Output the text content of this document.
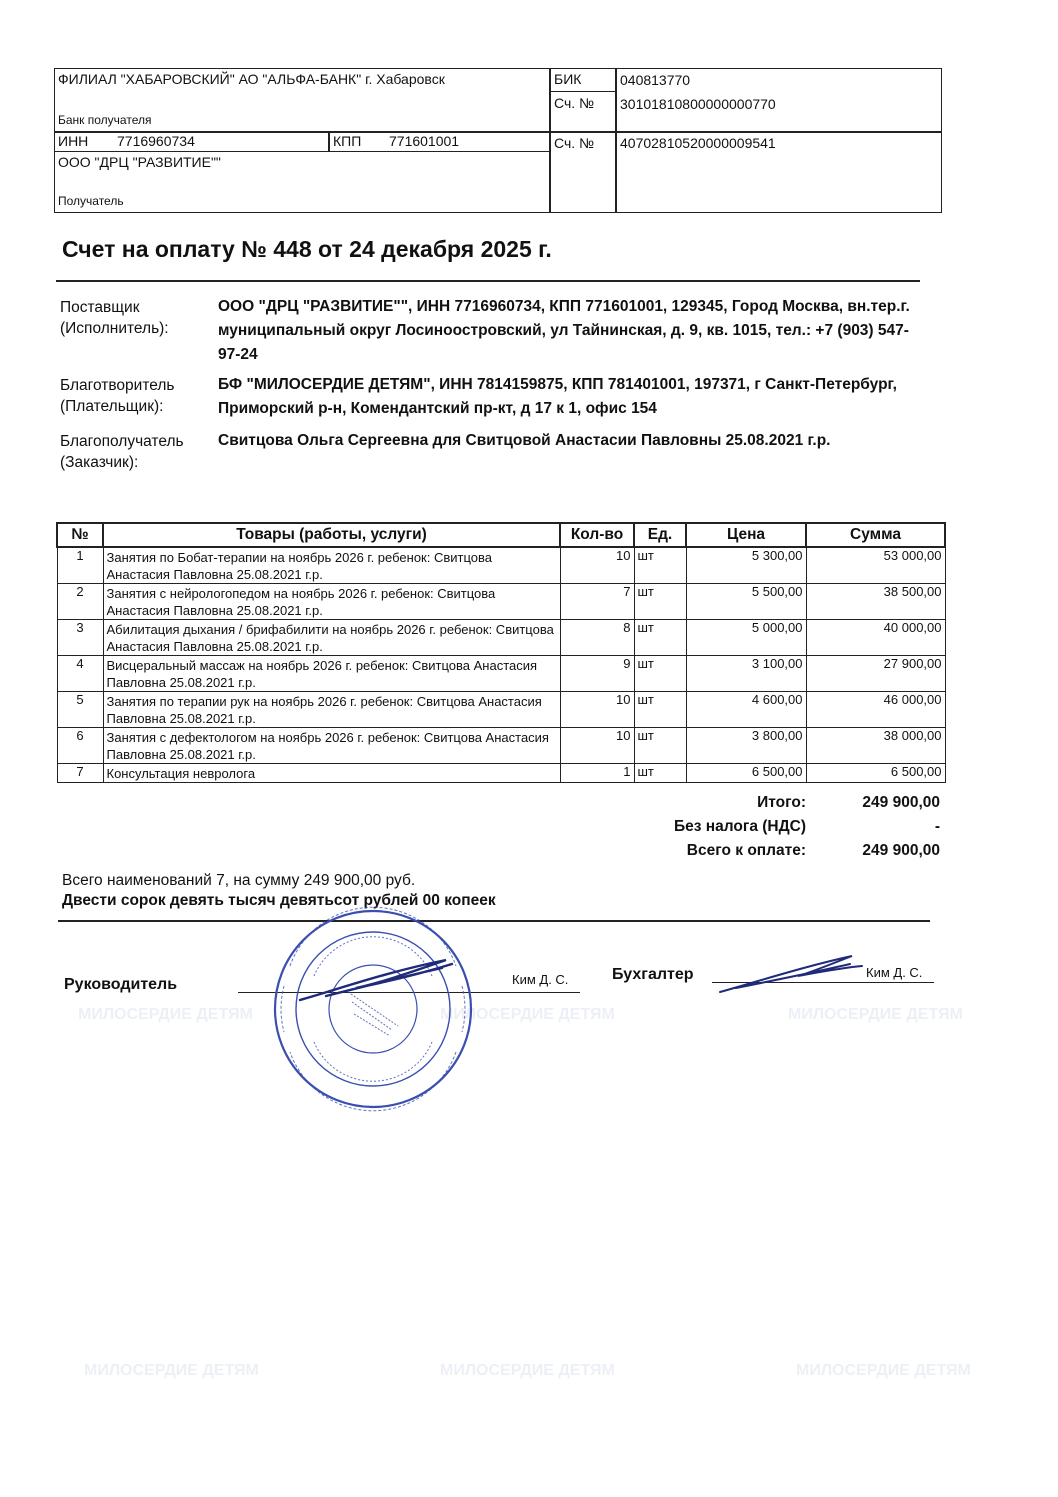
МИЛОСЕРДИЕ ДЕТЯМ
МИЛОСЕРДИЕ ДЕТЯМ
МИЛОСЕРДИЕ ДЕТЯМ
МИЛОСЕРДИЕ ДЕТЯМ	МИЛОСЕРДИЕ ДЕТЯМ	МИЛОСЕРДИЕ ДЕТЯМ
ФИЛИАЛ "ХАБАРОВСКИЙ" АО "АЛЬФА-БАНК" г. Хабаровск
Банк получателя
БИК	040813770
Сч. № 30101810800000000770
ИНН 7716960734	КПП 771601001	Сч. № 40702810520000009541
ООО "ДРЦ "РАЗВИТИЕ""
Получатель
Счет на оплату № 448 от 24 декабря 2025 г.
Поставщик
(Исполнитель):
ООО "ДРЦ "РАЗВИТИЕ"", ИНН 7716960734, КПП 771601001, 129345, Город Москва, вн.тер.г. муниципальный округ Лосиноостровский, ул Тайнинская, д. 9, кв. 1015, тел.: +7 (903) 547-97-24
Благотворитель
(Плательщик):
БФ "МИЛОСЕРДИЕ ДЕТЯМ", ИНН 7814159875, КПП 781401001, 197371, г Санкт-Петербург, Приморский р-н, Комендантский пр-кт, д 17 к 1, офис 154
Благополучатель
(Заказчик):
Свитцова Ольга Сергеевна для Свитцовой Анастасии Павловны 25.08.2021 г.р.
№	Товары (работы, услуги)	Кол-во	Ед.	Цена	Сумма
1	Занятия по Бобат-терапии на ноябрь 2026 г. ребенок: Свитцова Анастасия Павловна 25.08.2021 г.р.	10	шт	5 300,00	53 000,00
2	Занятия с нейрологопедом на ноябрь 2026 г. ребенок: Свитцова Анастасия Павловна 25.08.2021 г.р.	7	шт	5 500,00	38 500,00
3	Абилитация дыхания / брифабилити на ноябрь 2026 г. ребенок: Свитцова Анастасия Павловна 25.08.2021 г.р.	8	шт	5 000,00	40 000,00
4	Висцеральный массаж на ноябрь 2026 г. ребенок: Свитцова Анастасия Павловна 25.08.2021 г.р.	9	шт	3 100,00	27 900,00
5	Занятия по терапии рук на ноябрь 2026 г. ребенок: Свитцова Анастасия Павловна 25.08.2021 г.р.	10	шт	4 600,00	46 000,00
6	Занятия с дефектологом на ноябрь 2026 г. ребенок: Свитцова Анастасия Павловна 25.08.2021 г.р.	10	шт	3 800,00	38 000,00
7	Консультация невролога	1	шт	6 500,00	6 500,00
Итого:	249 900,00
Без налога (НДС)	-
Всего к оплате:	249 900,00
Всего наименований 7, на сумму 249 900,00 руб.
Двести сорок девять тысяч девятьсот рублей 00 копеек
Руководитель	Ким Д. С.	Бухгалтер	Ким Д. С.
